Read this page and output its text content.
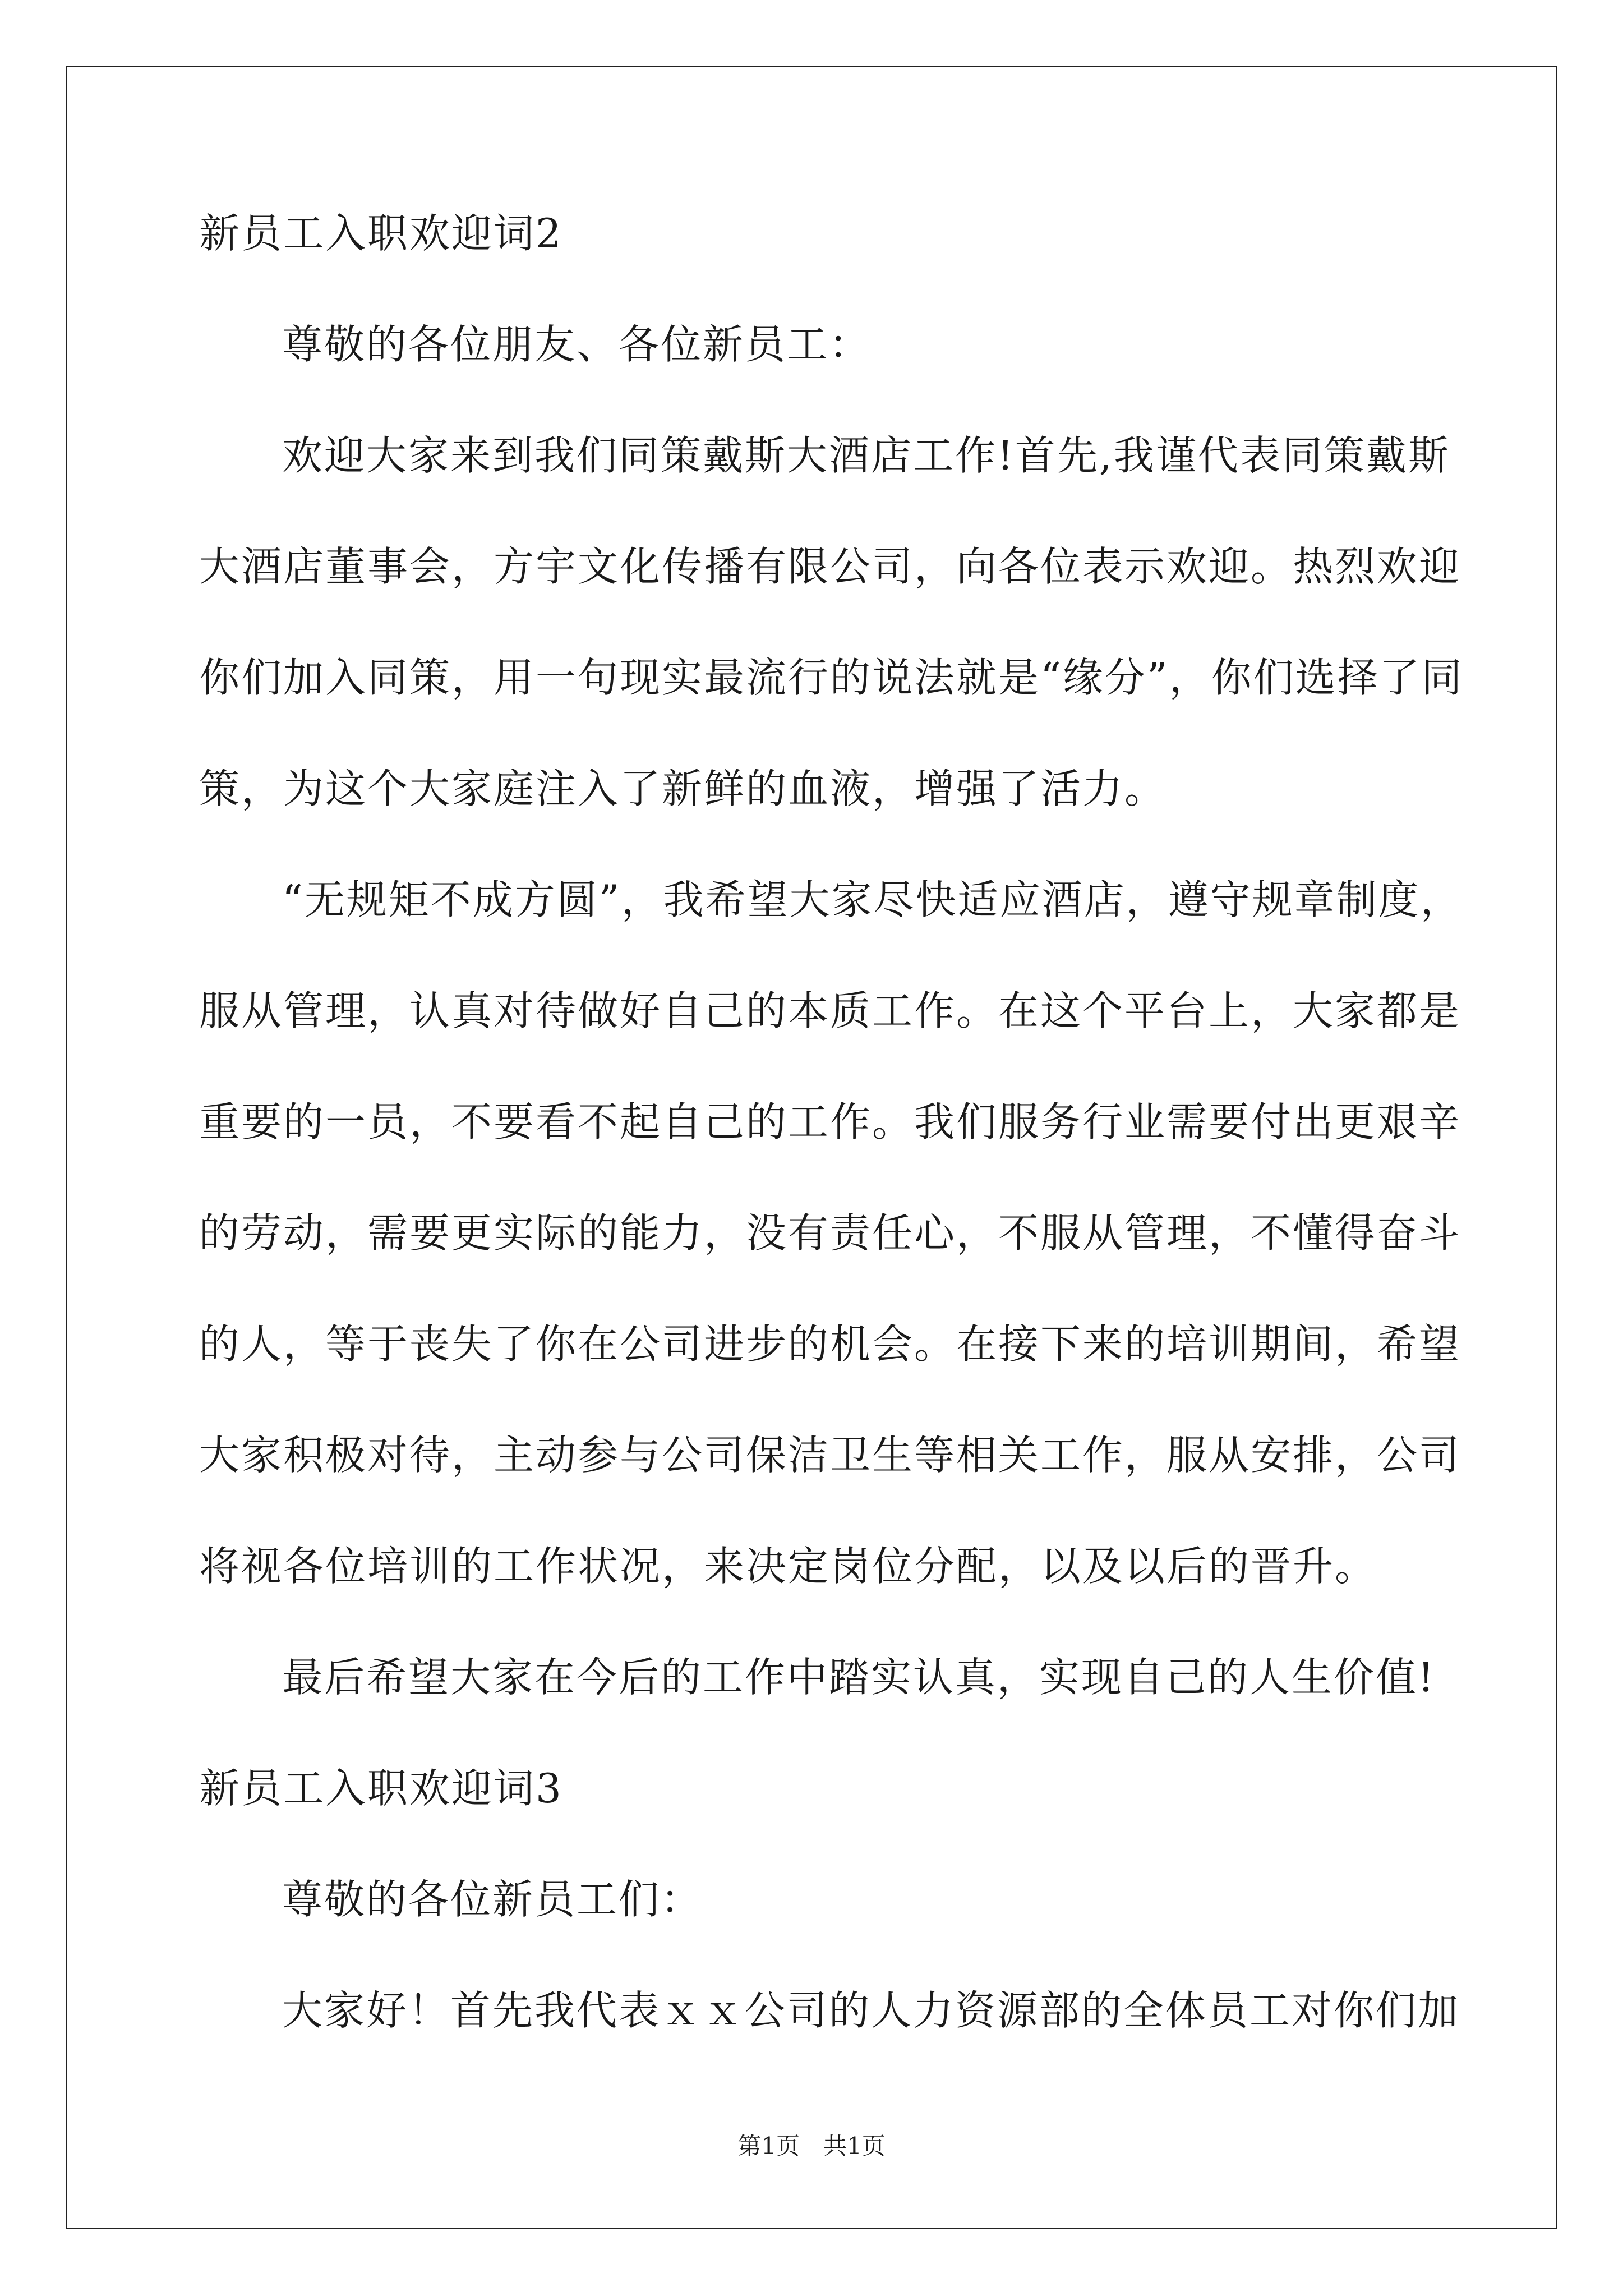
新员工入职欢迎词2
尊敬的各位朋友、各位新员工：
欢迎大家来到我们同策戴斯大酒店工作!首先,我谨代表同策戴斯
大酒店董事会，方宇文化传播有限公司，向各位表示欢迎。热烈欢迎
你们加入同策，用一句现实最流行的说法就是“缘分”，你们选择了同
策，为这个大家庭注入了新鲜的血液，增强了活力。
“无规矩不成方圆”，我希望大家尽快适应酒店，遵守规章制度，
服从管理，认真对待做好自己的本质工作。在这个平台上，大家都是
重要的一员，不要看不起自己的工作。我们服务行业需要付出更艰辛
的劳动，需要更实际的能力，没有责任心，不服从管理，不懂得奋斗
的人，等于丧失了你在公司进步的机会。在接下来的培训期间，希望
大家积极对待，主动参与公司保洁卫生等相关工作，服从安排，公司
将视各位培训的工作状况，来决定岗位分配，以及以后的晋升。
最后希望大家在今后的工作中踏实认真，实现自己的人生价值!
新员工入职欢迎词3
尊敬的各位新员工们：
大家好！首先我代表ｘｘ公司的人力资源部的全体员工对你们加
第1页　共1页
